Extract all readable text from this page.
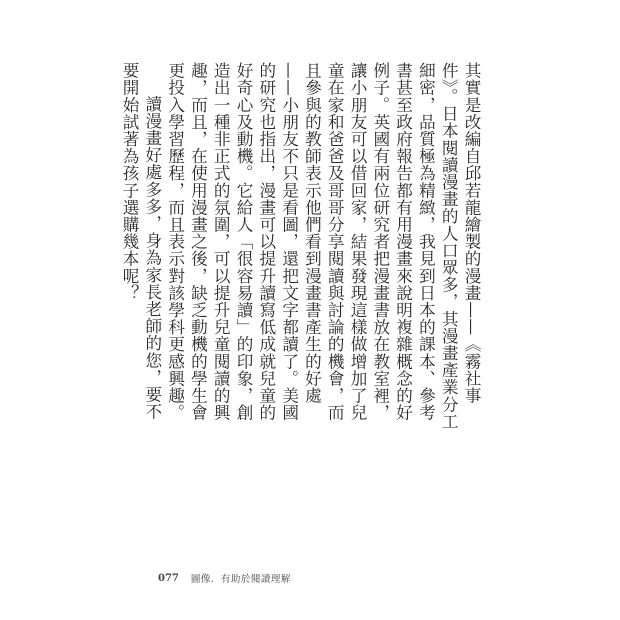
其實是改編自邱若龍繪製的漫畫——《霧社事件》。日本閱讀漫畫的人口眾多，其漫畫產業分工細密，品質極為精緻，我見到日本的課本、參考書甚至政府報告都有用漫畫來說明複雜概念的好例子。英國有兩位研究者把漫畫書放在教室裡，讓小朋友可以借回家，結果發現這樣做增加了兒童在家和爸爸及哥哥分享閱讀與討論的機會，而且參與的教師表示他們看到漫畫書產生的好處——小朋友不只是看圖，還把文字都讀了。美國的研究也指出，漫畫可以提升讀寫低成就兒童的好奇心及動機。它給人「很容易讀」的印象，創造出一種非正式的氛圍，可以提升兒童閱讀的興趣，而且，在使用漫畫之後，缺乏動機的學生會更投入學習歷程，而且表示對該學科更感興趣。

讀漫畫好處多多，身為家長老師的您，要不要開始試著為孩子選購幾本呢？

077 圖像．有助於閱讀理解
